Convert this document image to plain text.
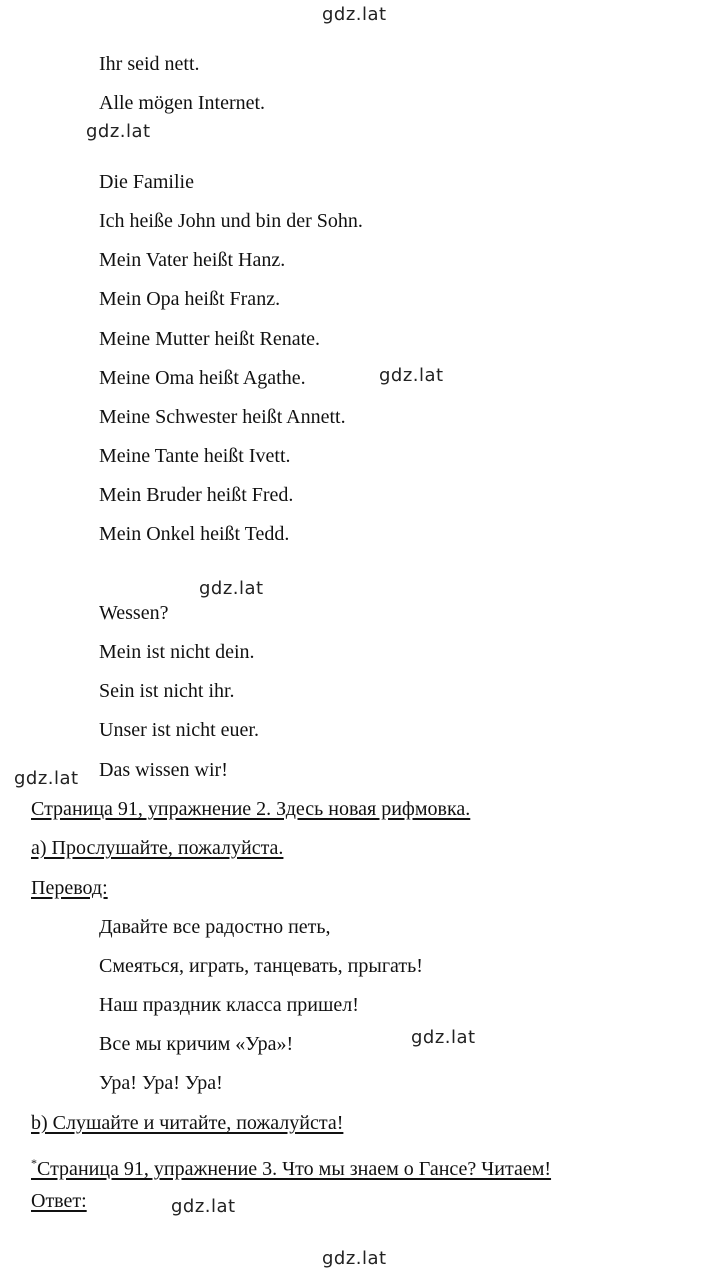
gdz.lat
gdz.lat
gdz.lat
gdz.lat
gdz.lat
gdz.lat
gdz.lat
gdz.lat
Ihr seid nett.
Alle mögen Internet.
Die Familie
Ich heiße John und bin der Sohn.
Mein Vater heißt Hanz.
Mein Opa heißt Franz.
Meine Mutter heißt Renate.
Meine Oma heißt Agathe.
Meine Schwester heißt Annett.
Meine Tante heißt Ivett.
Mein Bruder heißt Fred.
Mein Onkel heißt Tedd.
Wessen?
Mein ist nicht dein.
Sein ist nicht ihr.
Unser ist nicht euer.
Das wissen wir!
Страница 91, упражнение 2. Здесь новая рифмовка.
а) Прослушайте, пожалуйста.
Перевод:
Давайте все радостно петь,
Смеяться, играть, танцевать, прыгать!
Наш праздник класса пришел!
Все мы кричим «Ура»!
Ура! Ура! Ура!
b) Слушайте и читайте, пожалуйста!
*Страница 91, упражнение 3. Что мы знаем о Гансе? Читаем!
Ответ:
